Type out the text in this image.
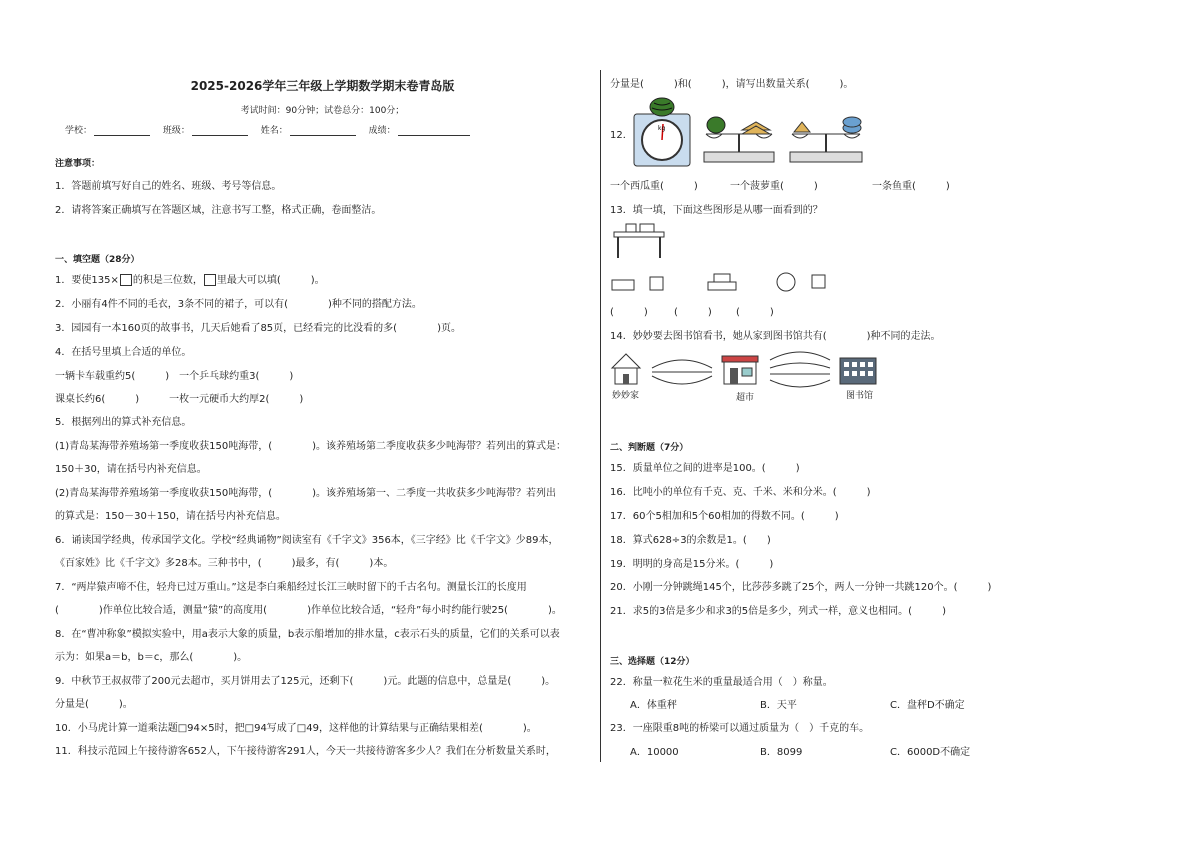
2025-2026学年三年级上学期数学期末卷青岛版
考试时间：90分钟；试卷总分：100分；
学校：	班级：	姓名：	成绩：
注意事项：
1．答题前填写好自己的姓名、班级、考号等信息。
2．请将答案正确填写在答题区域，注意书写工整，格式正确，卷面整洁。
一、填空题（28分）
1．要使135× 的积是三位数， 里最大可以填(　　　)。
2．小丽有4件不同的毛衣，3条不同的裙子，可以有(　　　　)种不同的搭配方法。
3．园园有一本160页的故事书，几天后她看了85页，已经看完的比没看的多(　　　　)页。
4．在括号里填上合适的单位。
一辆卡车载重约5(　　　)　一个乒乓球约重3(　　　)
课桌长约6(　　　)　　　一枚一元硬币大约厚2(　　　)
5．根据列出的算式补充信息。
(1)青岛某海带养殖场第一季度收获150吨海带，(　　　　)。该养殖场第二季度收获多少吨海带？若列出的算式是：
150＋30，请在括号内补充信息。
(2)青岛某海带养殖场第一季度收获150吨海带，(　　　　)。该养殖场第一、二季度一共收获多少吨海带？若列出
的算式是：150－30＋150，请在括号内补充信息。
6．诵读国学经典，传承国学文化。学校“经典诵物”阅读室有《千字文》356本，《三字经》比《千字文》少89本，
《百家姓》比《千字文》多28本。三种书中，(　　　)最多，有(　　　)本。
7．“两岸猿声啼不住，轻舟已过万重山。”这是李白乘船经过长江三峡时留下的千古名句。测量长江的长度用
(　　　　)作单位比较合适，测量“猿”的高度用(　　　　)作单位比较合适，“轻舟”每小时约能行驶25(　　　　)。
8．在“曹冲称象”模拟实验中，用a表示大象的质量，b表示船增加的排水量，c表示石头的质量，它们的关系可以表
示为：如果a＝b，b＝c，那么(　　　　)。
9．中秋节王叔叔带了200元去超市，买月饼用去了125元，还剩下(　　　)元。此题的信息中，总量是(　　　)。
分量是(　　　)。
10．小马虎计算一道乘法题□94×5时，把□94写成了□49，这样他的计算结果与正确结果相差(　　　　)。
11．科技示范园上午接待游客652人，下午接待游客291人，今天一共接待游客多少人？我们在分析数量关系时，
分量是(　　　)和(　　　)，请写出数量关系(　　　)。
12．
kg
一个西瓜重(　　　)	一个菠萝重(　　　)	一条鱼重(　　　)
13．填一填，下面这些图形是从哪一面看到的？
(　　　)	(　　　) (　　　)
14．妙妙要去图书馆看书，她从家到图书馆共有(　　　　)种不同的走法。
妙妙家	超市	图书馆
二、判断题（7分）
15．质量单位之间的进率是100。(　　　)
16．比吨小的单位有千克、克、千米、米和分米。(　　　)
17．60个5相加和5个60相加的得数不同。(　　　)
18．算式628÷3的余数是1。(　　)
19．明明的身高是15分米。(　　　)
20．小刚一分钟跳绳145个，比莎莎多跳了25个，两人一分钟一共跳120个。(　　　)
21．求5的3倍是多少和求3的5倍是多少，列式一样，意义也相同。(　　　)
三、选择题（12分）
22．称量一粒花生米的重量最适合用（　）称量。
A．体重秤	B．天平	C．盘秤D不确定
23．一座限重8吨的桥梁可以通过质量为（　）千克的车。
A．10000	B．8099	C．6000D不确定
